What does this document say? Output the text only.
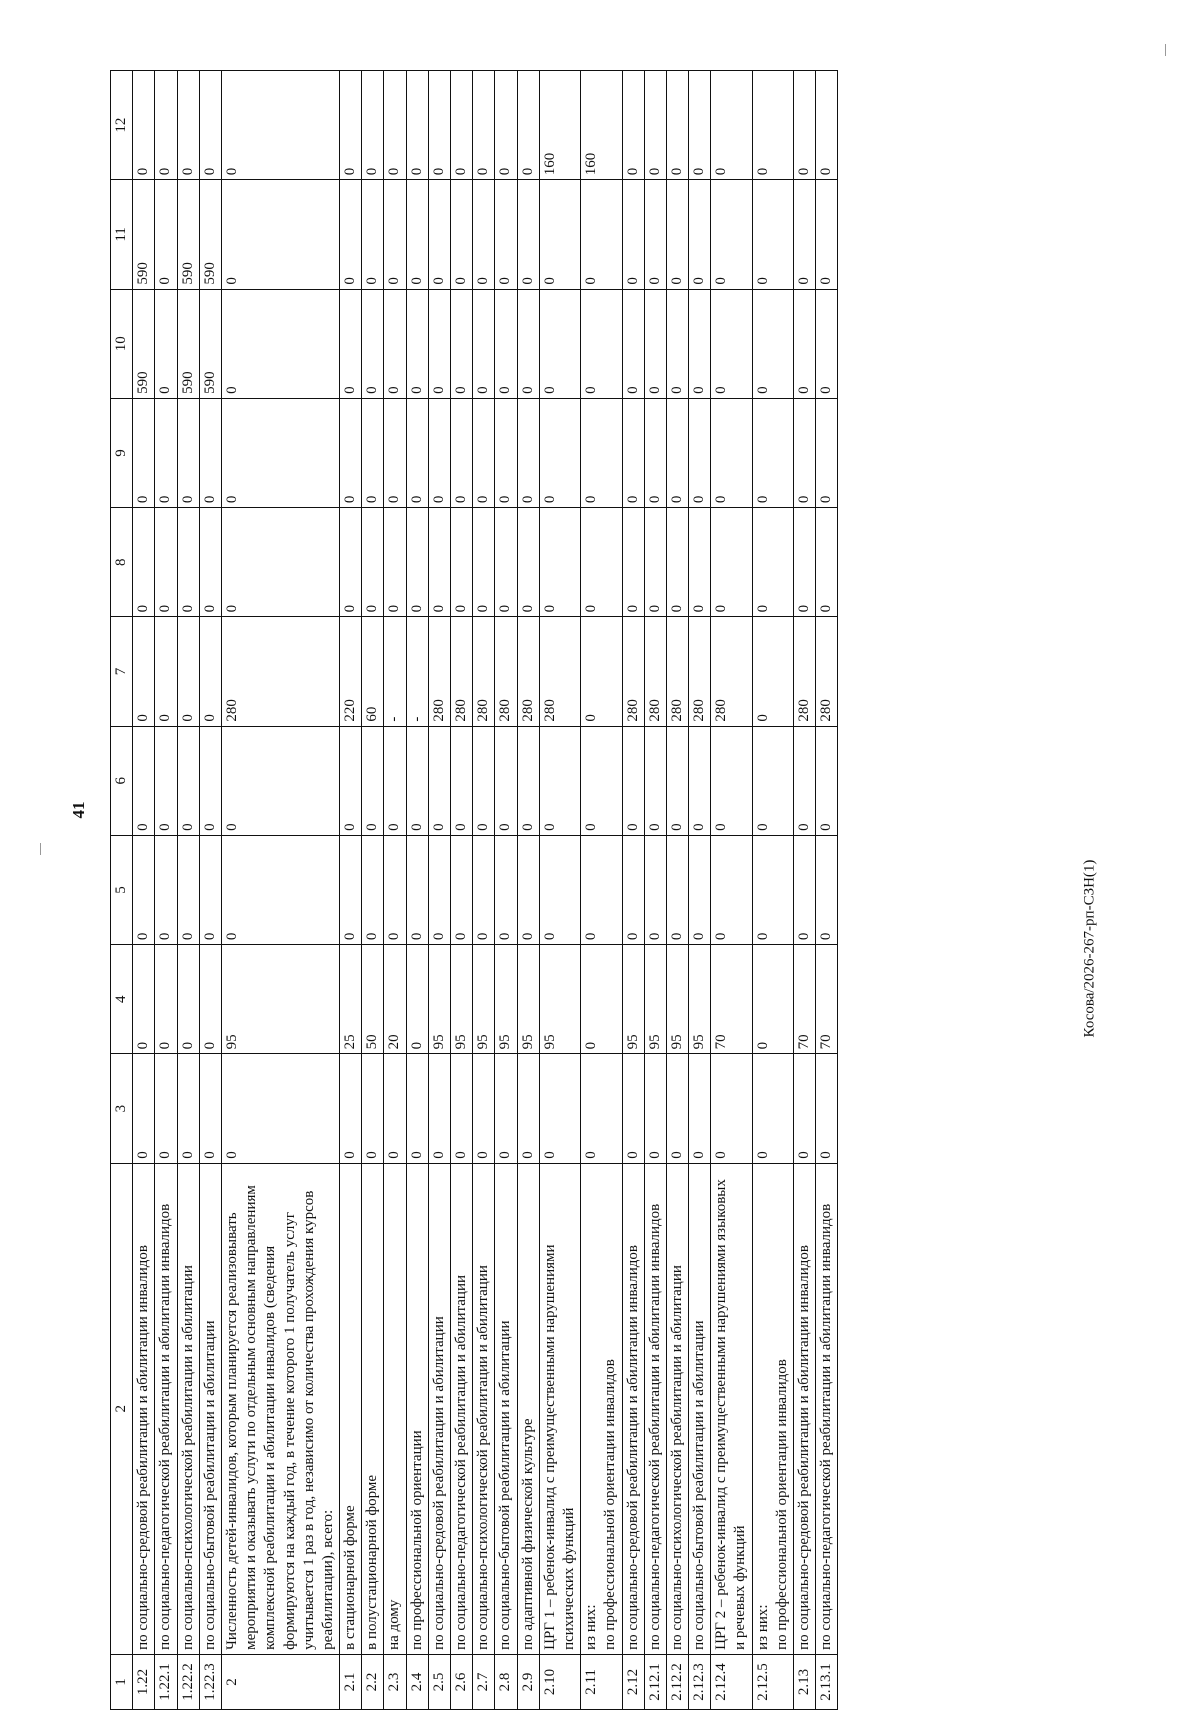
41
Косова/2026-267-рп-СЗН(1)
1	2	3	4	5	6	7	8	9	10	11	12
1.22	по социально-средовой реабилитации и абилитации инвалидов	0	0	0	0	0	0	0	590	590	0
1.22.1	по социально-педагогической реабилитации и абилитации инвалидов	0	0	0	0	0	0	0	0	0	0
1.22.2	по социально-психологической реабилитации и абилитации	0	0	0	0	0	0	0	590	590	0
1.22.3	по социально-бытовой реабилитации и абилитации	0	0	0	0	0	0	0	590	590	0
2	Численность детей-инвалидов, которым планируется реализовывать мероприятия и оказывать услуги по отдельным основным направлениям комплексной реабилитации и абилитации инвалидов (сведения формируются на каждый год, в течение которого 1 получатель услуг учитывается 1 раз в год, независимо от количества прохождения курсов реабилитации), всего:	0	95	0	0	280	0	0	0	0	0
2.1	в стационарной форме	0	25	0	0	220	0	0	0	0	0
2.2	в полустационарной форме	0	50	0	0	60	0	0	0	0	0
2.3	на дому	0	20	0	0	-	0	0	0	0	0
2.4	по профессиональной ориентации	0	0	0	0	-	0	0	0	0	0
2.5	по социально-средовой реабилитации и абилитации	0	95	0	0	280	0	0	0	0	0
2.6	по социально-педагогической реабилитации и абилитации	0	95	0	0	280	0	0	0	0	0
2.7	по социально-психологической реабилитации и абилитации	0	95	0	0	280	0	0	0	0	0
2.8	по социально-бытовой реабилитации и абилитации	0	95	0	0	280	0	0	0	0	0
2.9	по адаптивной физической культуре	0	95	0	0	280	0	0	0	0	0
2.10	ЦРГ 1 – ребенок-инвалид с преимущественными нарушениями психических функций	0	95	0	0	280	0	0	0	0	160
2.11	из них:
по профессиональной ориентации инвалидов	0	0	0	0	0	0	0	0	0	160
2.12	по социально-средовой реабилитации и абилитации инвалидов	0	95	0	0	280	0	0	0	0	0
2.12.1	по социально-педагогической реабилитации и абилитации инвалидов	0	95	0	0	280	0	0	0	0	0
2.12.2	по социально-психологической реабилитации и абилитации	0	95	0	0	280	0	0	0	0	0
2.12.3	по социально-бытовой реабилитации и абилитации	0	95	0	0	280	0	0	0	0	0
2.12.4	ЦРГ 2 – ребенок-инвалид с преимущественными нарушениями языковых и речевых функций	0	70	0	0	280	0	0	0	0	0
2.12.5	из них:
по профессиональной ориентации инвалидов	0	0	0	0	0	0	0	0	0	0
2.13	по социально-средовой реабилитации и абилитации инвалидов	0	70	0	0	280	0	0	0	0	0
2.13.1	по социально-педагогической реабилитации и абилитации инвалидов	0	70	0	0	280	0	0	0	0	0
